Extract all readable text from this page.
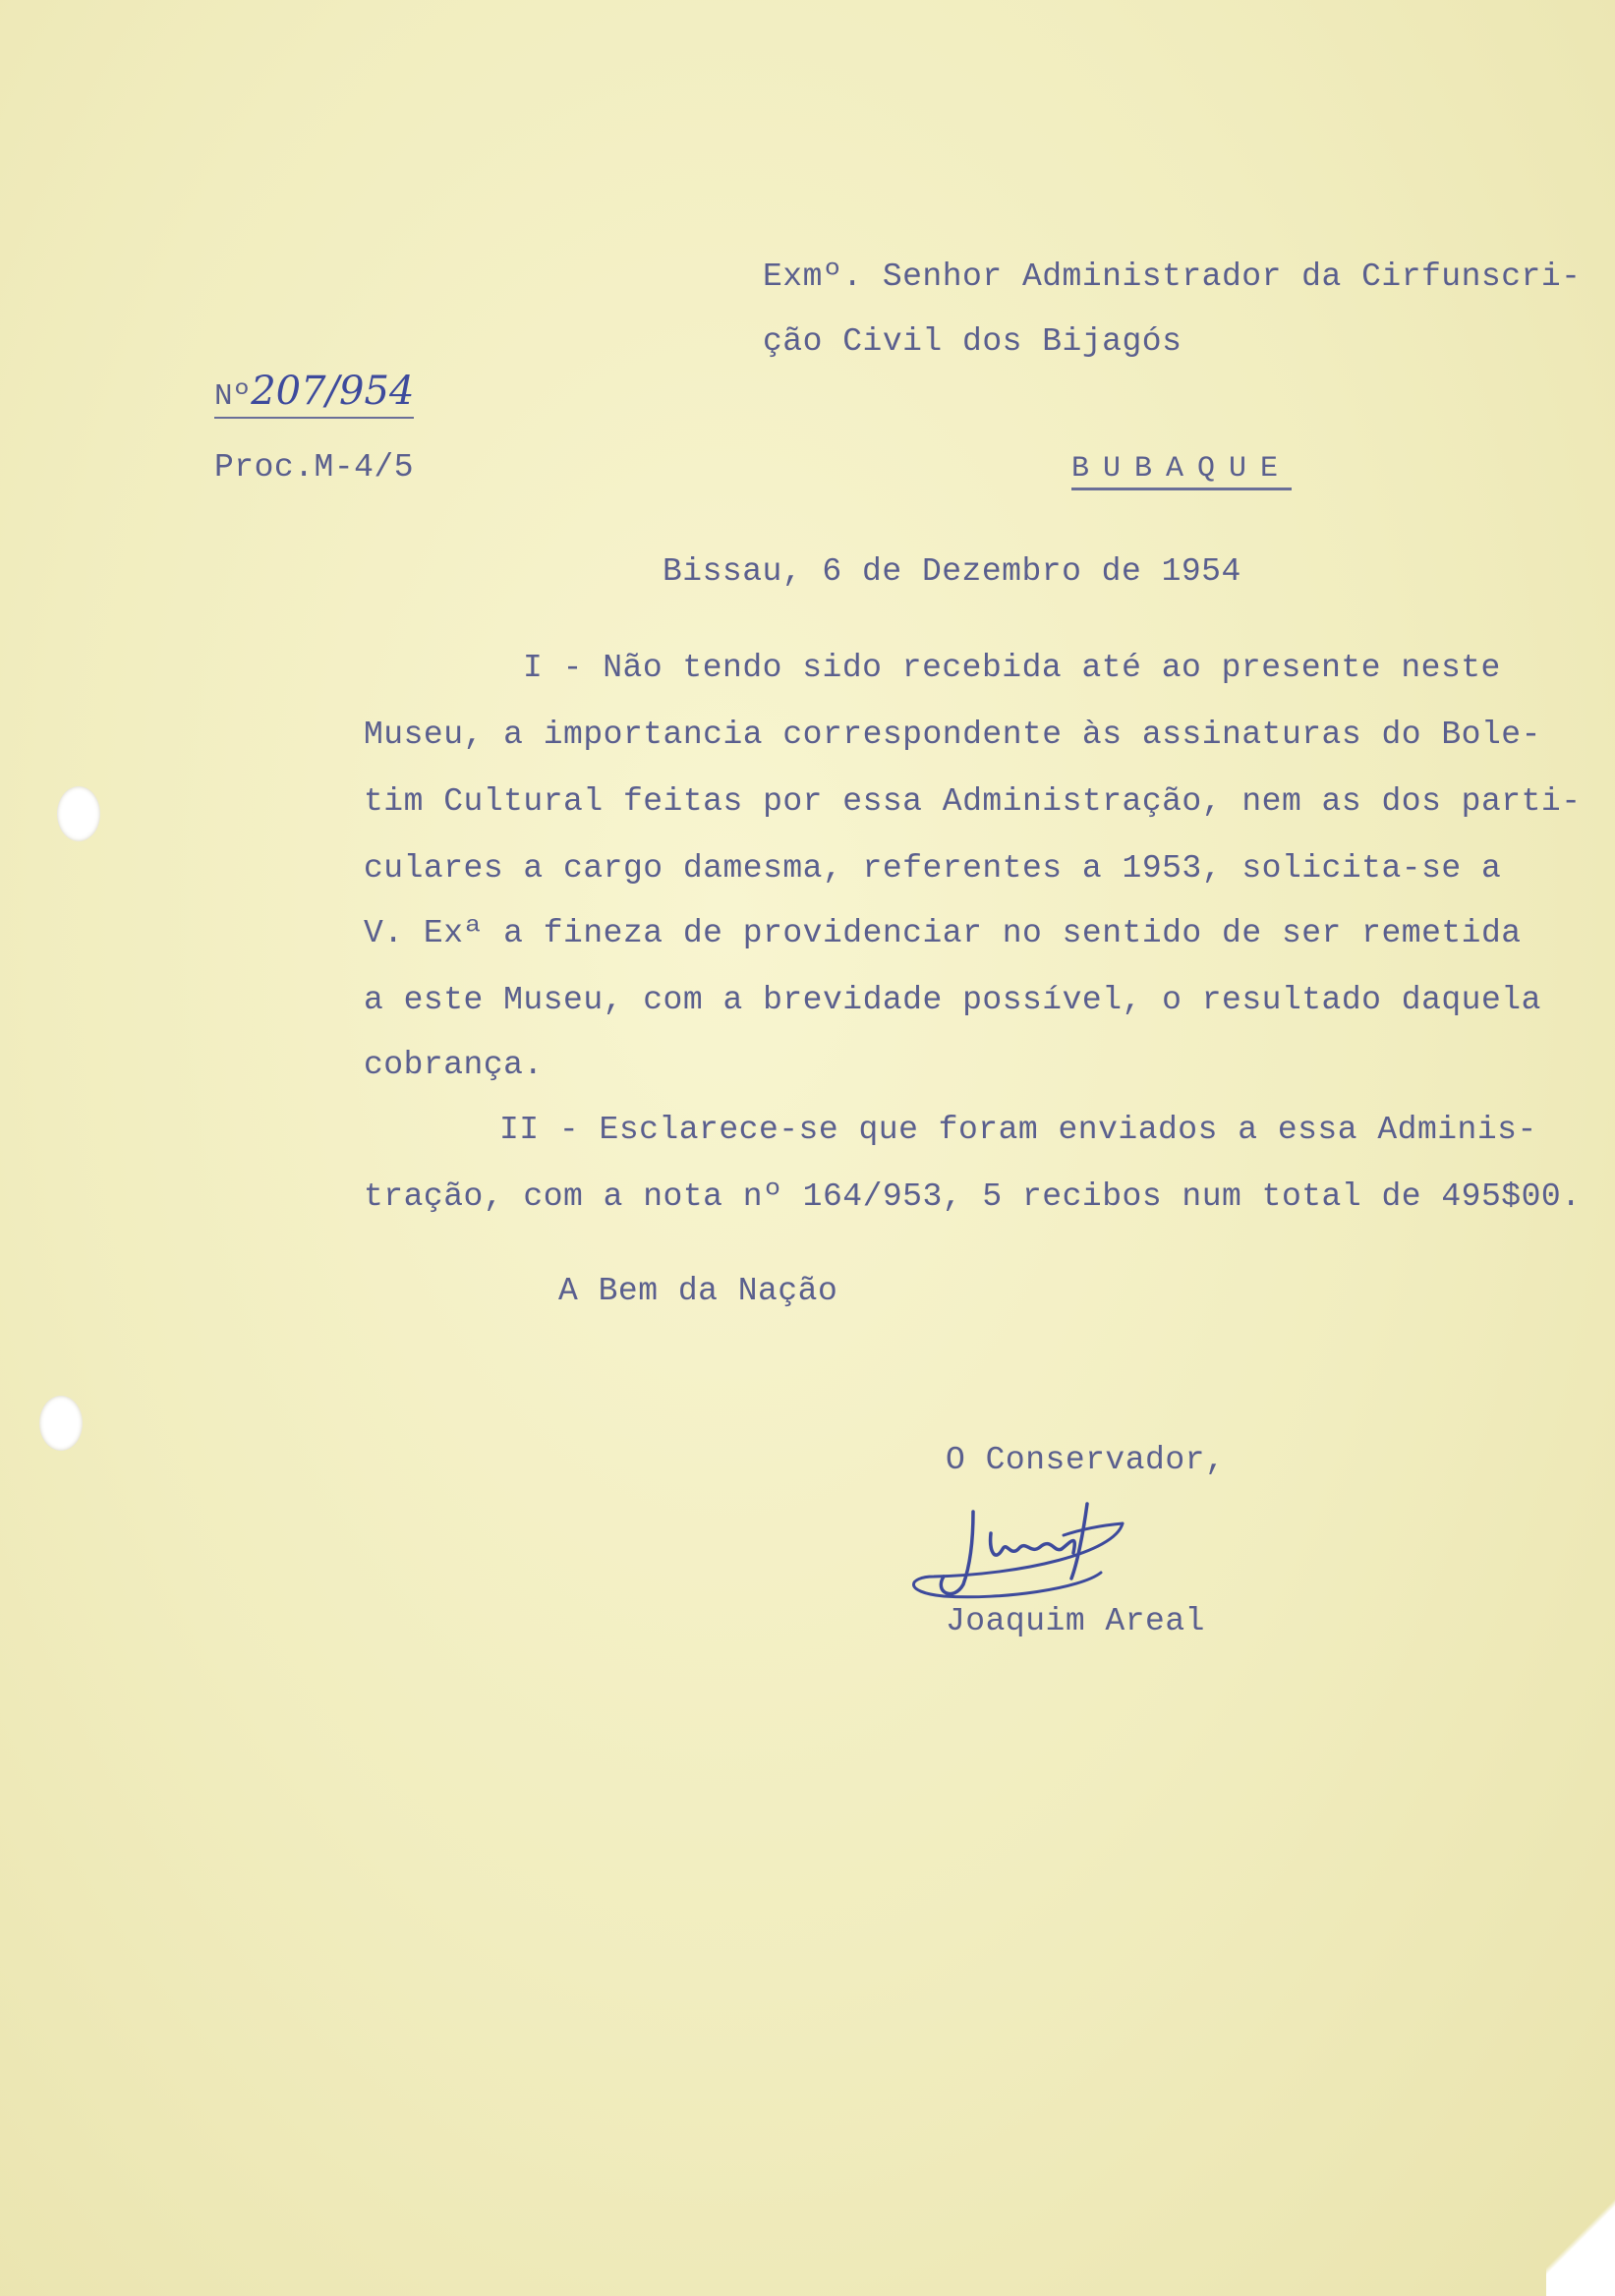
Exmº. Senhor Administrador da Cirfunscri-
ção Civil dos Bijagós
Nº207/954
Proc.M-4/5	BUBAQUE
Bissau, 6 de Dezembro de 1954
I - Não tendo sido recebida até ao presente neste
Museu, a importancia correspondente às assinaturas do Bole-
tim Cultural feitas por essa Administração, nem as dos parti-
culares a cargo damesma, referentes a 1953, solicita-se a
V. Exª a fineza de providenciar no sentido de ser remetida
a este Museu, com a brevidade possível, o resultado daquela
cobrança.
II - Esclarece-se que foram enviados a essa Adminis-
tração, com a nota nº 164/953, 5 recibos num total de 495$00.
A Bem da Nação
O Conservador,
Joaquim Areal
